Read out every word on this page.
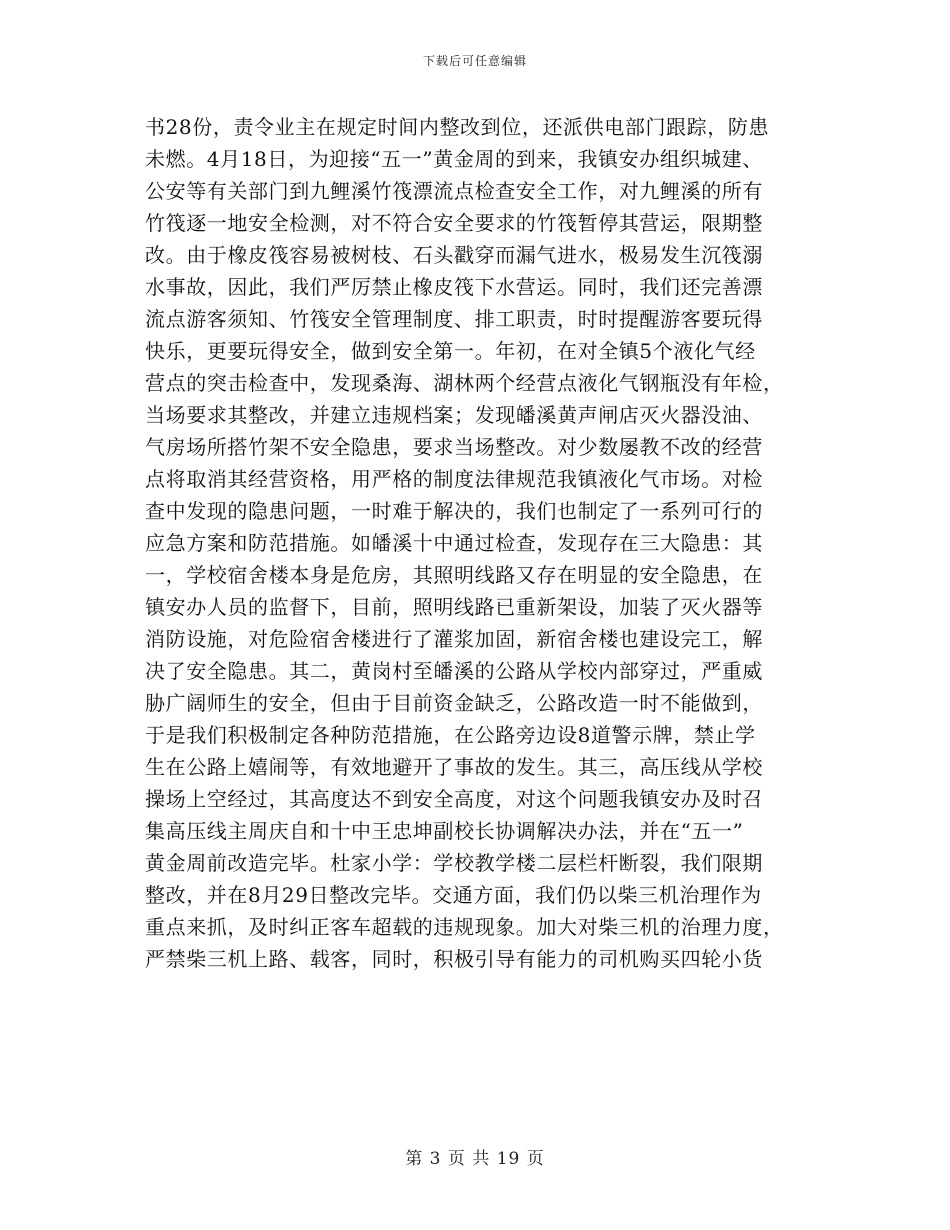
下载后可任意编辑
书28份，责令业主在规定时间内整改到位，还派供电部门跟踪，防患
未燃。4月18日，为迎接“五一”黄金周的到来，我镇安办组织城建、
公安等有关部门到九鲤溪竹筏漂流点检查安全工作，对九鲤溪的所有
竹筏逐一地安全检测，对不符合安全要求的竹筏暂停其营运，限期整
改。由于橡皮筏容易被树枝、石头戳穿而漏气进水，极易发生沉筏溺
水事故，因此，我们严厉禁止橡皮筏下水营运。同时，我们还完善漂
流点游客须知、竹筏安全管理制度、排工职责，时时提醒游客要玩得
快乐，更要玩得安全，做到安全第一。年初，在对全镇5个液化气经
营点的突击检查中，发现桑海、湖林两个经营点液化气钢瓶没有年检，
当场要求其整改，并建立违规档案；发现皤溪黄声闸店灭火器没油、
气房场所搭竹架不安全隐患，要求当场整改。对少数屡教不改的经营
点将取消其经营资格，用严格的制度法律规范我镇液化气市场。对检
查中发现的隐患问题，一时难于解决的，我们也制定了一系列可行的
应急方案和防范措施。如皤溪十中通过检查，发现存在三大隐患：其
一，学校宿舍楼本身是危房，其照明线路又存在明显的安全隐患，在
镇安办人员的监督下，目前，照明线路已重新架设，加装了灭火器等
消防设施，对危险宿舍楼进行了灌浆加固，新宿舍楼也建设完工，解
决了安全隐患。其二，黄岗村至皤溪的公路从学校内部穿过，严重威
胁广阔师生的安全，但由于目前资金缺乏，公路改造一时不能做到，
于是我们积极制定各种防范措施，在公路旁边设8道警示牌，禁止学
生在公路上嬉闹等，有效地避开了事故的发生。其三，高压线从学校
操场上空经过，其高度达不到安全高度，对这个问题我镇安办及时召
集高压线主周庆自和十中王忠坤副校长协调解决办法，并在“五一”
黄金周前改造完毕。杜家小学：学校教学楼二层栏杆断裂，我们限期
整改，并在8月29日整改完毕。交通方面，我们仍以柴三机治理作为
重点来抓，及时纠正客车超载的违规现象。加大对柴三机的治理力度，
严禁柴三机上路、载客，同时，积极引导有能力的司机购买四轮小货
第 3 页 共 19 页
